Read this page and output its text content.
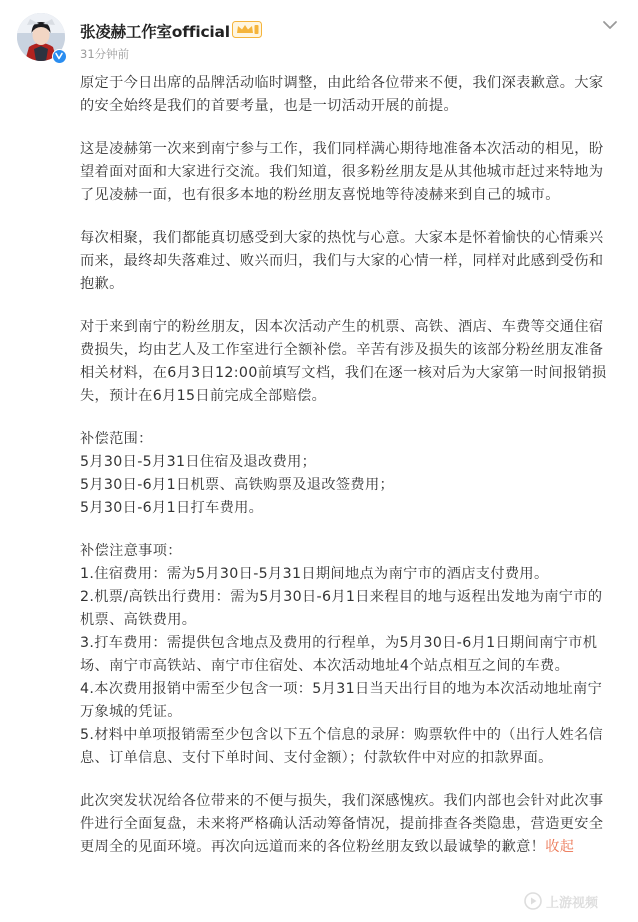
张凌赫工作室official
31分钟前
原定于今日出席的品牌活动临时调整，由此给各位带来不便，我们深表歉意。大家
的安全始终是我们的首要考量，也是一切活动开展的前提。
这是凌赫第一次来到南宁参与工作，我们同样满心期待地准备本次活动的相见，盼
望着面对面和大家进行交流。我们知道，很多粉丝朋友是从其他城市赶过来特地为
了见凌赫一面，也有很多本地的粉丝朋友喜悦地等待凌赫来到自己的城市。
每次相聚，我们都能真切感受到大家的热忱与心意。大家本是怀着愉快的心情乘兴
而来，最终却失落难过、败兴而归，我们与大家的心情一样，同样对此感到受伤和
抱歉。
对于来到南宁的粉丝朋友，因本次活动产生的机票、高铁、酒店、车费等交通住宿
费损失，均由艺人及工作室进行全额补偿。辛苦有涉及损失的该部分粉丝朋友准备
相关材料，在6月3日12:00前填写文档，我们在逐一核对后为大家第一时间报销损
失，预计在6月15日前完成全部赔偿。
补偿范围：
5月30日-5月31日住宿及退改费用；
5月30日-6月1日机票、高铁购票及退改签费用；
5月30日-6月1日打车费用。
补偿注意事项：
1.住宿费用：需为5月30日-5月31日期间地点为南宁市的酒店支付费用。
2.机票/高铁出行费用：需为5月30日-6月1日来程目的地与返程出发地为南宁市的
机票、高铁费用。
3.打车费用：需提供包含地点及费用的行程单，为5月30日-6月1日期间南宁市机
场、南宁市高铁站、南宁市住宿处、本次活动地址4个站点相互之间的车费。
4.本次费用报销中需至少包含一项：5月31日当天出行目的地为本次活动地址南宁
万象城的凭证。
5.材料中单项报销需至少包含以下五个信息的录屏：购票软件中的（出行人姓名信
息、订单信息、支付下单时间、支付金额）；付款软件中对应的扣款界面。
此次突发状况给各位带来的不便与损失，我们深感愧疚。我们内部也会针对此次事
件进行全面复盘，未来将严格确认活动筹备情况，提前排查各类隐患，营造更安全
更周全的见面环境。再次向远道而来的各位粉丝朋友致以最诚挚的歉意！收起
上游视频
